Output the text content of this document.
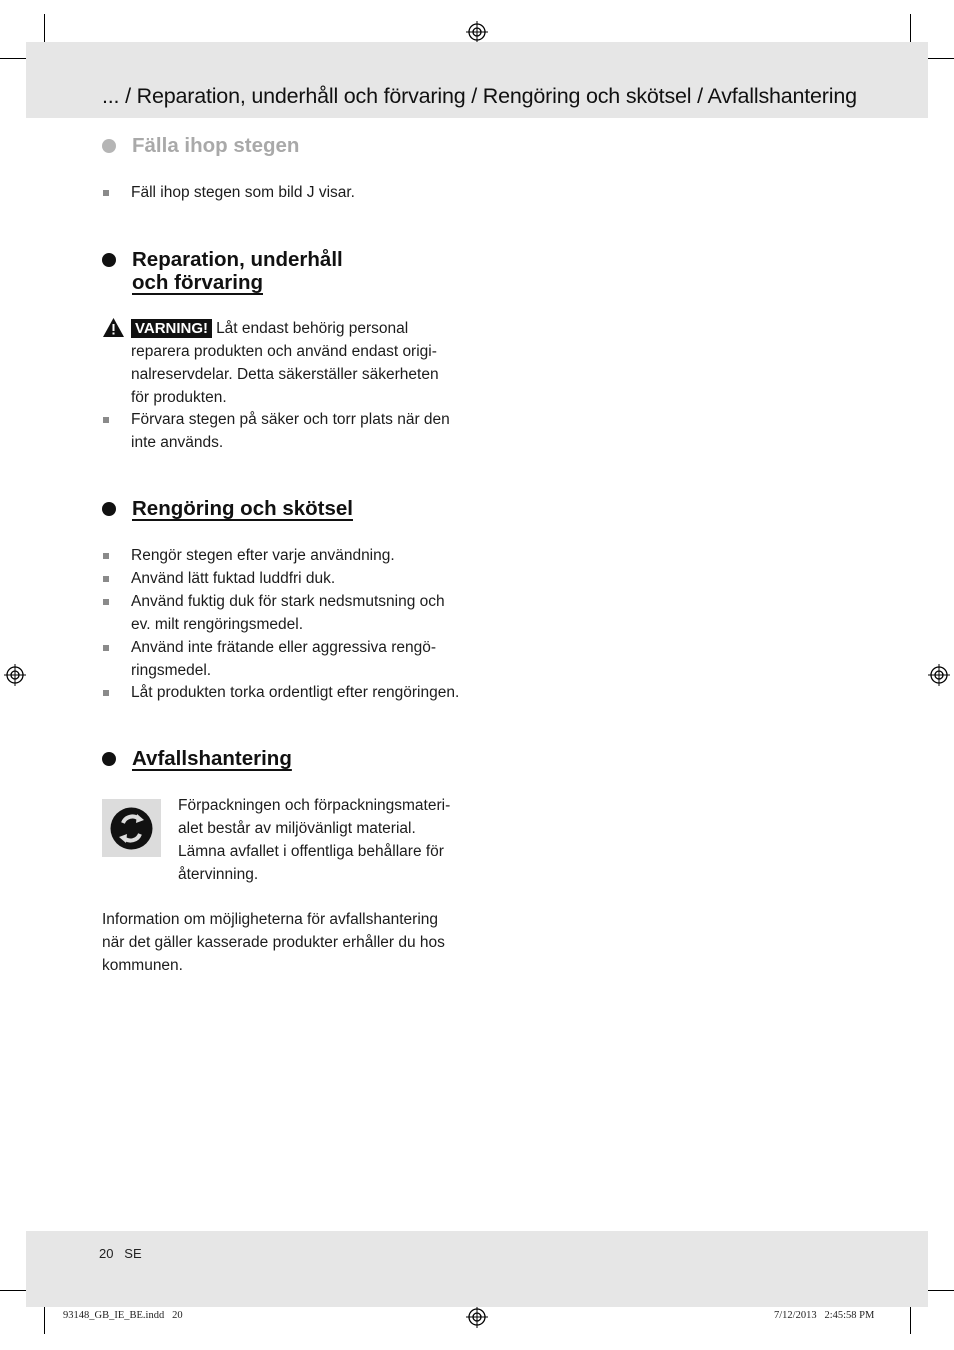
... / Reparation, underhåll och förvaring / Rengöring och skötsel / Avfallshantering
Fälla ihop stegen
Fäll ihop stegen som bild J visar.
Reparation, underhåll
och förvaring
VARNING! Låt endast behörig personal
reparera produkten och använd endast origi-
nalreservdelar. Detta säkerställer säkerheten
för produkten.
Förvara stegen på säker och torr plats när den
inte används.
Rengöring och skötsel
Rengör stegen efter varje användning.
Använd lätt fuktad luddfri duk.
Använd fuktig duk för stark nedsmutsning och
ev. milt rengöringsmedel.
Använd inte frätande eller aggressiva rengö-
ringsmedel.
Låt produkten torka ordentligt efter rengöringen.
Avfallshantering
Förpackningen och förpackningsmateri-
alet består av miljövänligt material.
Lämna avfallet i offentliga behållare för
återvinning.
Information om möjligheterna för avfallshantering
när det gäller kasserade produkter erhåller du hos
kommunen.
20   SE
93148_GB_IE_BE.indd   20	7/12/2013   2:45:58 PM
